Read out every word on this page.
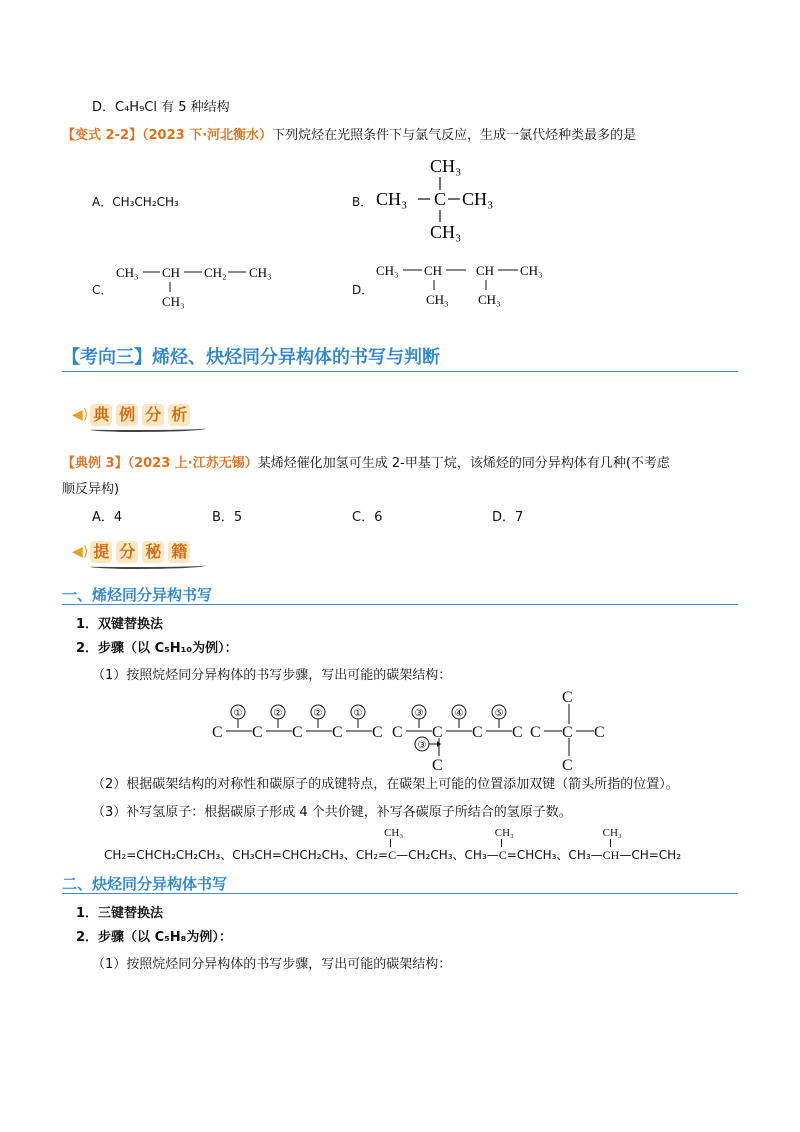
D．C₄H₉Cl 有 5 种结构
【变式 2-2】（2023 下·河北衡水）下列烷烃在光照条件下与氯气反应，生成一氯代烃种类最多的是
A．CH₃CH₂CH₃	B．
CH₃
CH₃ C CH₃
CH₃
C．
CH₃ CH CH₂ CH₃
CH₃
D．
CH₃ CH	CH CH₃
CH₃ CH₃
【考向三】烯烃、炔烃同分异构体的书写与判断
◀) 典 例 分 析
【典例 3】（2023 上·江苏无锡）某烯烃催化加氢可生成 2-甲基丁烷，该烯烃的同分异构体有几种(不考虑
顺反异构)
A．4	B．5	C．6	D．7
◀) 提 分 秘 籍
一、烯烃同分异构书写
1．双键替换法
2．步骤（以 C₅H₁₀为例）：
（1）按照烷烃同分异构体的书写步骤，写出可能的碳架结构：
C C C C C C C C C
C
C
C C C
C
①	②	②	①	③	④	⑤
③
（2）根据碳架结构的对称性和碳原子的成键特点，在碳架上可能的位置添加双键（箭头所指的位置）。
（3）补写氢原子：根据碳原子形成 4 个共价键，补写各碳原子所结合的氢原子数。
CH₂=CHCH₂CH₂CH₃、CH₃CH=CHCH₂CH₃、CH₂=
CH₃
C—CH₂CH₃、CH₃—
CH₃
C=CHCH₃、CH₃—
CH₃
CH—CH=CH₂
二、炔烃同分异构体书写
1．三键替换法
2．步骤（以 C₅H₈为例）：
（1）按照烷烃同分异构体的书写步骤，写出可能的碳架结构：
